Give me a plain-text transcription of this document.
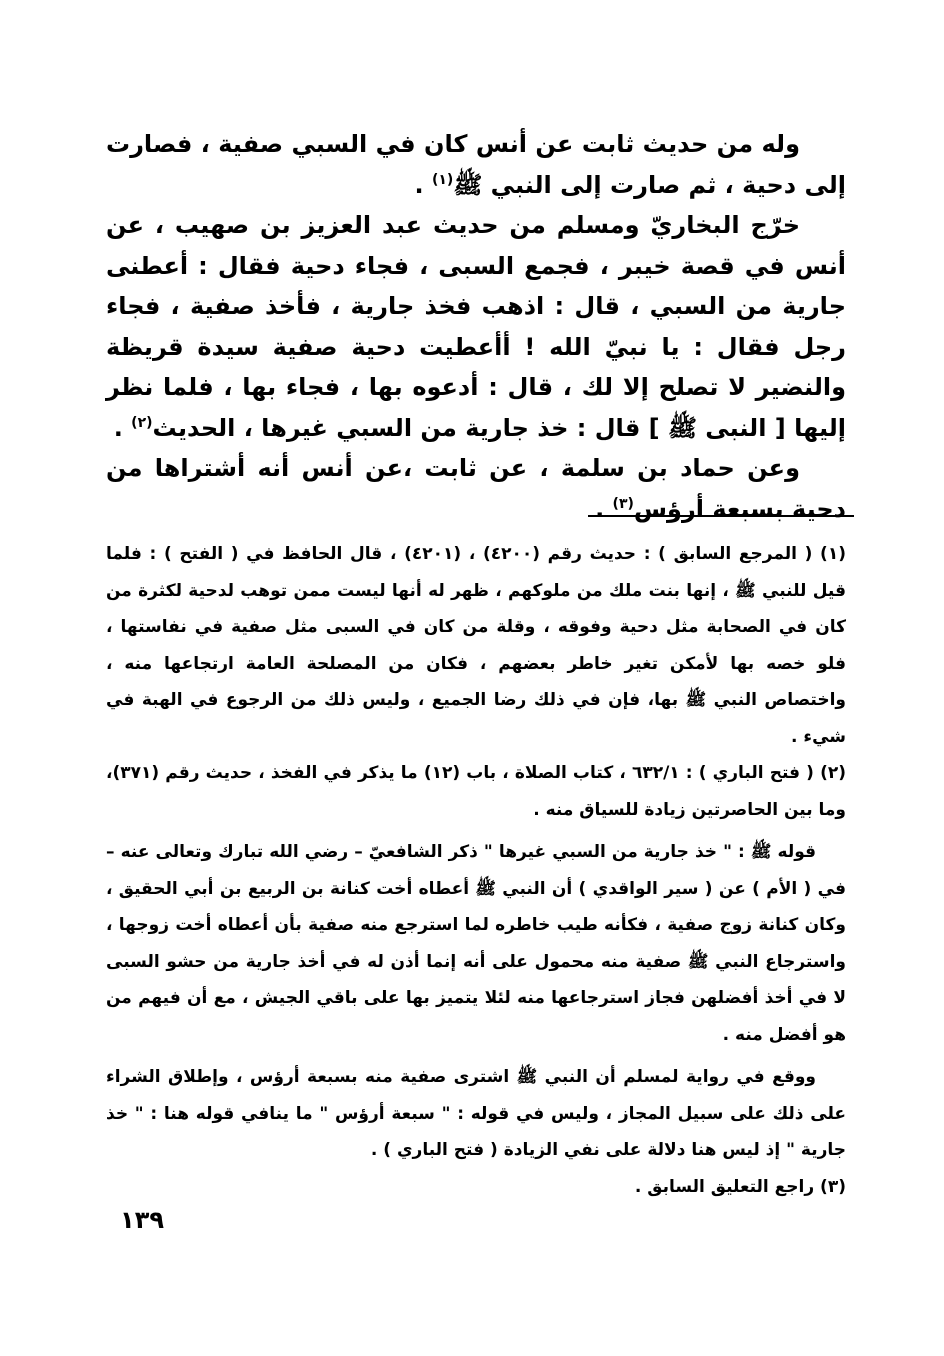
وله من حديث ثابت عن أنس كان في السبي صفية ، فصارت إلى دحية ، ثم صارت إلى النبي ﷺ$^{(١)}$ .

خرّج البخاريّ ومسلم من حديث عبد العزيز بن صهيب ، عن أنس في قصة خيبر ، فجمع السبى ، فجاء دحية فقال : أعطنى جارية من السبي ، قال : اذهب فخذ جارية ، فأخذ صفية ، فجاء رجل فقال : يا نبيّ الله ! أأعطيت دحية صفية سيدة قريظة والنضير لا تصلح إلا لك ، قال : أدعوه بها ، فجاء بها ، فلما نظر إليها [ النبى ﷺ ] قال : خذ جارية من السبي غيرها ، الحديث$^{(٢)}$ .

وعن حماد بن سلمة ، عن ثابت ،عن أنس أنه أشتراها من دحية بسبعة أرؤس$^{(٣)}$ .

(١) ( المرجع السابق ) : حديث رقم (٤٢٠٠) ، (٤٢٠١) ، قال الحافظ في ( الفتح ) : فلما قيل للنبي ﷺ ، إنها بنت ملك من ملوكهم ، ظهر له أنها ليست ممن توهب لدحية لكثرة من كان في الصحابة مثل دحية وفوقه ، وقلة من كان في السبى مثل صفية في نفاستها ، فلو خصه بها لأمكن تغير خاطر بعضهم ، فكان من المصلحة العامة ارتجاعها منه ، واختصاص النبي ﷺ بها، فإن في ذلك رضا الجميع ، وليس ذلك من الرجوع في الهبة في شيء .

(٢) ( فتح الباري ) : ٦٣٢/١ ، كتاب الصلاة ، باب (١٢) ما يذكر في الفخذ ، حديث رقم (٣٧١)، وما بين الحاصرتين زيادة للسياق منه .

قوله ﷺ : " خذ جارية من السبي غيرها " ذكر الشافعيّ – رضي الله تبارك وتعالى عنه – في ( الأم ) عن ( سير الواقدي ) أن النبي ﷺ أعطاه أخت كنانة بن الربيع بن أبي الحقيق ، وكان كنانة زوج صفية ، فكأنه طيب خاطره لما استرجع منه صفية بأن أعطاه أخت زوجها ، واسترجاع النبي ﷺ صفية منه محمول على أنه إنما أذن له في أخذ جارية من حشو السبى لا في أخذ أفضلهن فجاز استرجاعها منه لئلا يتميز بها على باقي الجيش ، مع أن فيهم من هو أفضل منه .

ووقع في رواية لمسلم أن النبي ﷺ اشترى صفية منه بسبعة أرؤس ، وإطلاق الشراء على ذلك على سبيل المجاز ، وليس في قوله : " سبعة أرؤس " ما ينافي قوله هنا : " خذ جارية " إذ ليس هنا دلالة على نفي الزيادة ( فتح الباري ) .

(٣) راجع التعليق السابق .

١٣٩
